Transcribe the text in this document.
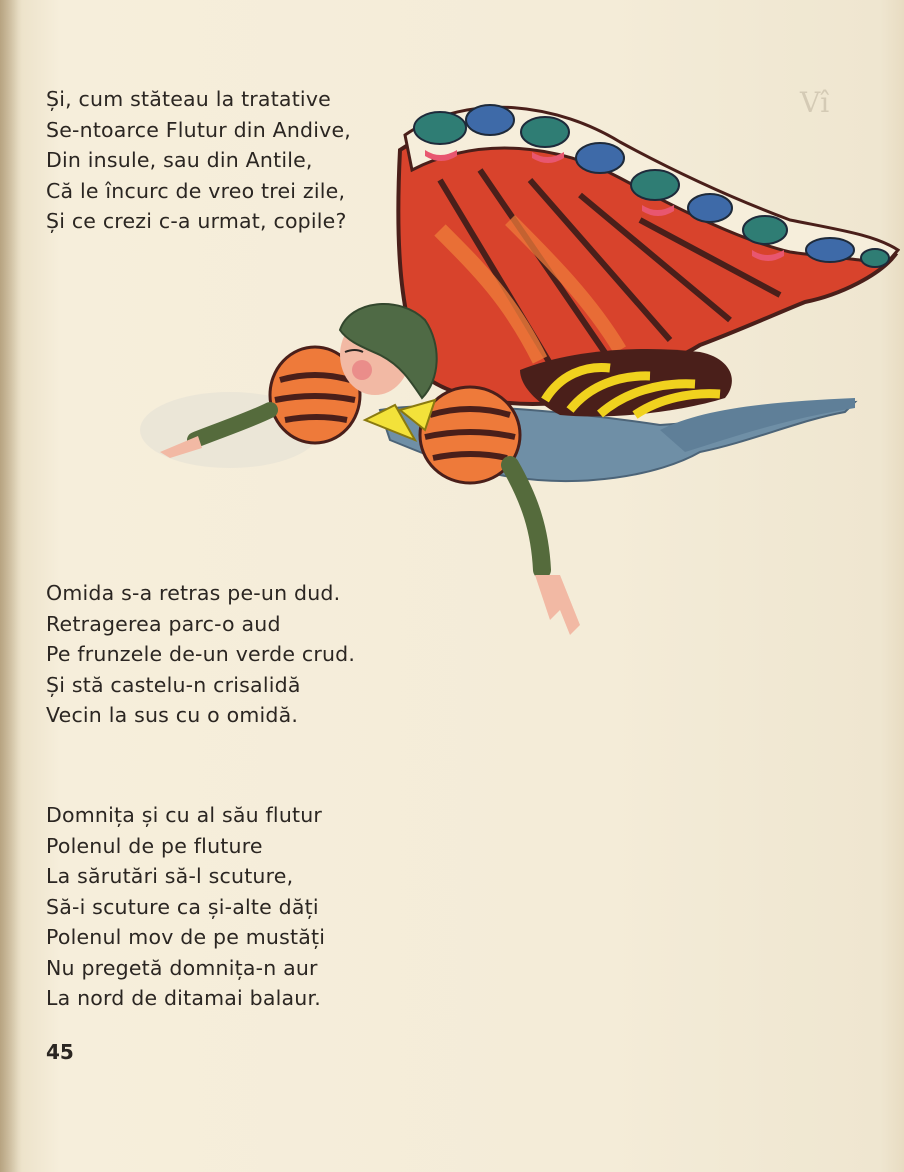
Vî
Și, cum stăteau la tratative
Se-ntoarce Flutur din Andive,
Din insule, sau din Antile,
Că le încurc de vreo trei zile,
Și ce crezi c-a urmat, copile?
Omida s-a retras pe-un dud.
Retragerea parc-o aud
Pe frunzele de-un verde crud.
Și stă castelu-n crisalidă
Vecin la sus cu o omidă.
Domnița și cu al său flutur
Polenul de pe fluture
La sărutări să-l scuture,
Să-i scuture ca și-alte dăți
Polenul mov de pe mustăți
Nu pregetă domnița-n aur
La nord de ditamai balaur.
45
